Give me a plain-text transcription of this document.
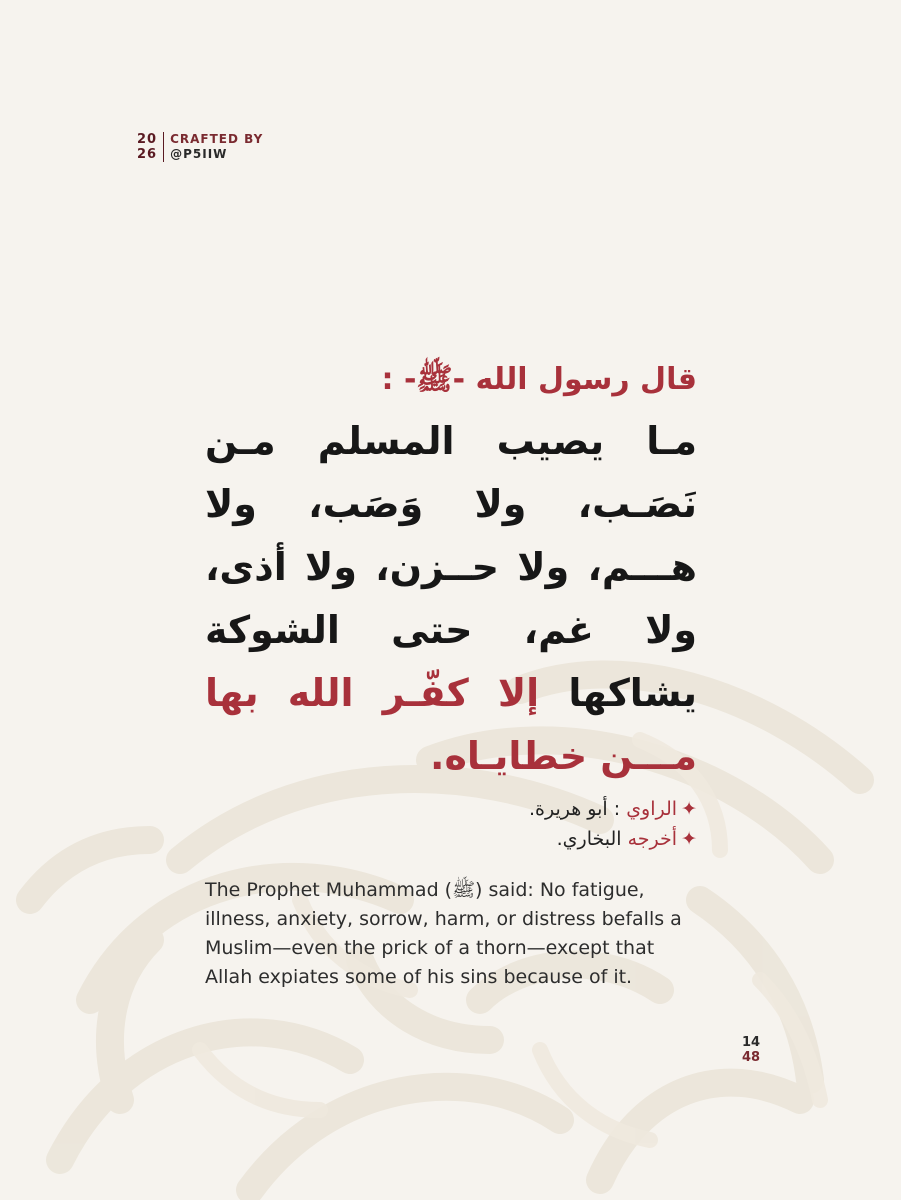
20
26
CRAFTED BY
@P5IIW
قال رسول الله -ﷺ- :
مـا يصيب المسلم مـن نَصَـب، ولا وَصَب، ولا هـــم، ولا حــزن، ولا أذى، ولا غم، حتى الشوكة يشاكها إلا كفّـر الله بها مـــن خطايـاه.
✦الراوي : أبو هريرة.
✦أخرجه البخاري.
The Prophet Muhammad (ﷺ) said: No fatigue, illness, anxiety, sorrow, harm, or distress befalls a Muslim—even the prick of a thorn—except that Allah expiates some of his sins because of it.
14
48
